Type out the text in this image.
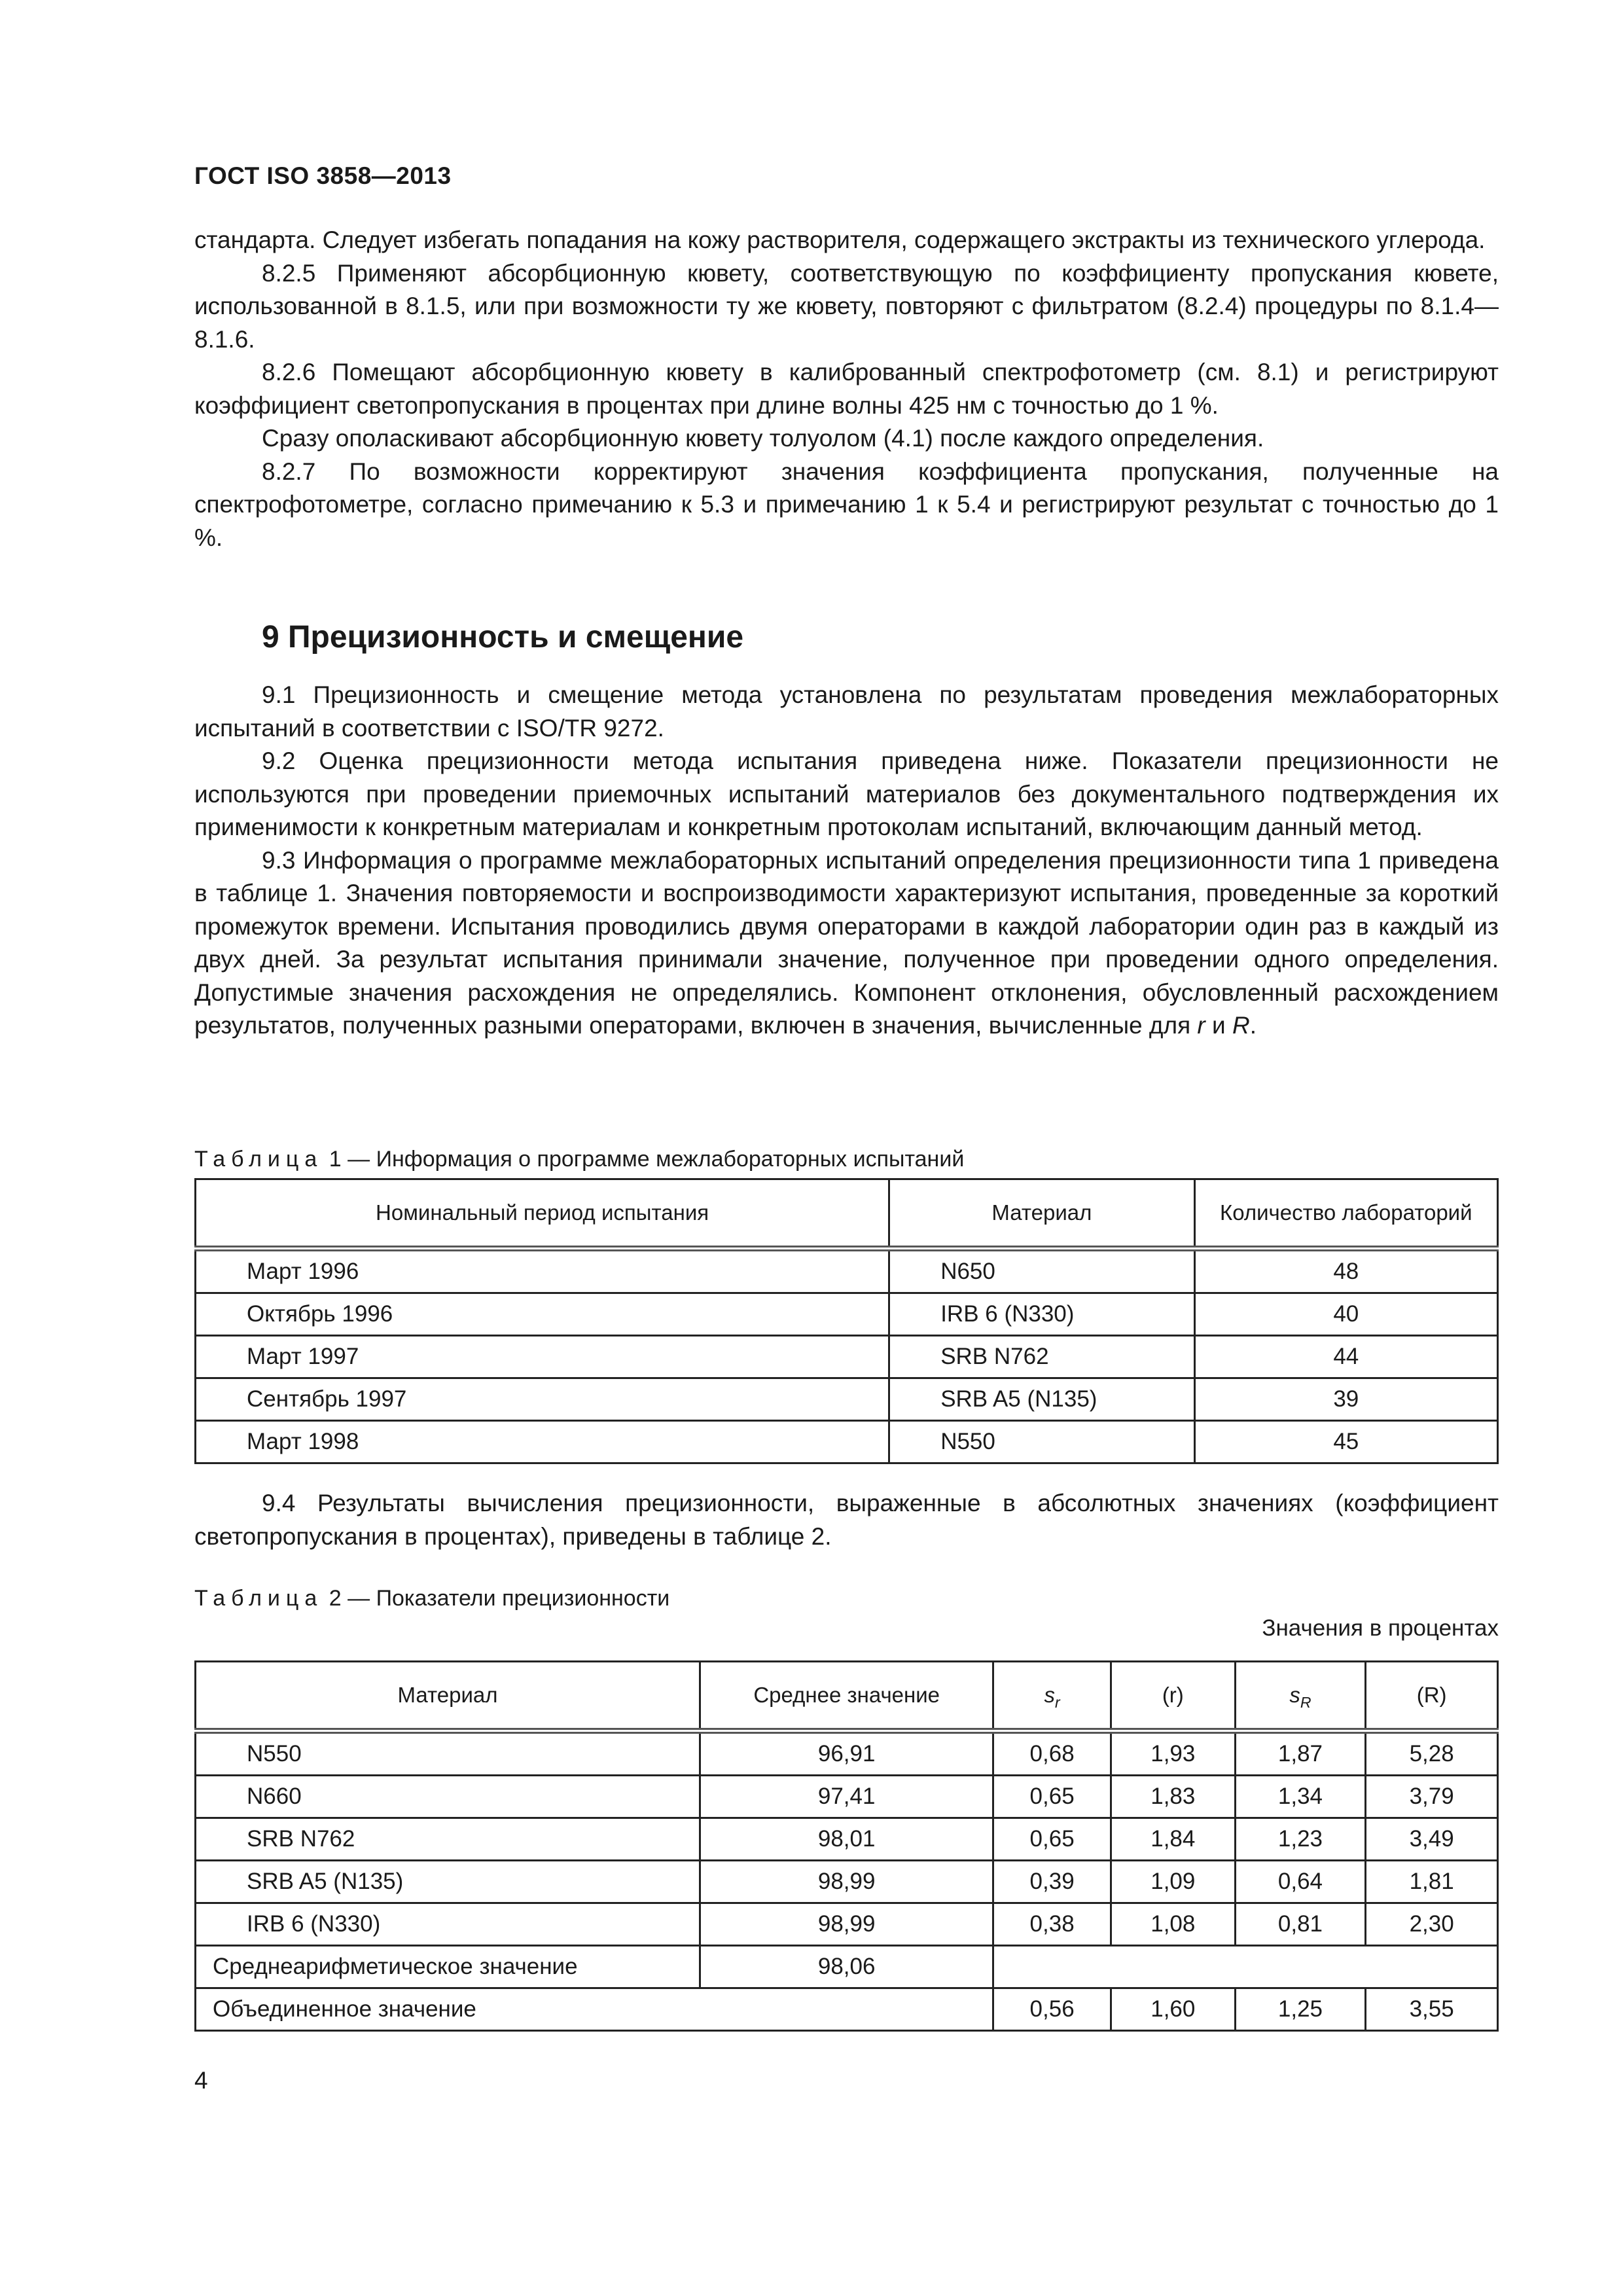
ГОСТ ISO 3858—2013

стандарта. Следует избегать попадания на кожу растворителя, содержащего экстракты из технического углерода.

8.2.5 Применяют абсорбционную кювету, соответствующую по коэффициенту пропускания кювете, использованной в 8.1.5, или при возможности ту же кювету, повторяют с фильтратом (8.2.4) процедуры по 8.1.4—8.1.6.

8.2.6 Помещают абсорбционную кювету в калиброванный спектрофотометр (см. 8.1) и регистрируют коэффициент светопропускания в процентах при длине волны 425 нм с точностью до 1 %.

Сразу ополаскивают абсорбционную кювету толуолом (4.1) после каждого определения.

8.2.7 По возможности корректируют значения коэффициента пропускания, полученные на спектрофотометре, согласно примечанию к 5.3 и примечанию 1 к 5.4 и регистрируют результат с точностью до 1 %.

9 Прецизионность и смещение

9.1 Прецизионность и смещение метода установлена по результатам проведения межлабораторных испытаний в соответствии с ISO/TR 9272.

9.2 Оценка прецизионности метода испытания приведена ниже. Показатели прецизионности не используются при проведении приемочных испытаний материалов без документального подтверждения их применимости к конкретным материалам и конкретным протоколам испытаний, включающим данный метод.

9.3 Информация о программе межлабораторных испытаний определения прецизионности типа 1 приведена в таблице 1. Значения повторяемости и воспроизводимости характеризуют испытания, проведенные за короткий промежуток времени. Испытания проводились двумя операторами в каждой лаборатории один раз в каждый из двух дней. За результат испытания принимали значение, полученное при проведении одного определения. Допустимые значения расхождения не определялись. Компонент отклонения, обусловленный расхождением результатов, полученных разными операторами, включен в значения, вычисленные для r и R.

Таблица 1 — Информация о программе межлабораторных испытаний
Номинальный период испытания	Материал	Количество лабораторий
Март 1996	N650	48
Октябрь 1996	IRB 6 (N330)	40
Март 1997	SRB N762	44
Сентябрь 1997	SRB A5 (N135)	39
Март 1998	N550	45

9.4 Результаты вычисления прецизионности, выраженные в абсолютных значениях (коэффициент светопропускания в процентах), приведены в таблице 2.

Таблица 2 — Показатели прецизионности
Значения в процентах
Материал	Среднее значение	$s_r$	(r)	$s_R$	(R)
N550	96,91	0,68	1,93	1,87	5,28
N660	97,41	0,65	1,83	1,34	3,79
SRB N762	98,01	0,65	1,84	1,23	3,49
SRB A5 (N135)	98,99	0,39	1,09	0,64	1,81
IRB 6 (N330)	98,99	0,38	1,08	0,81	2,30
Среднеарифметическое значение	98,06				
Объединенное значение		0,56	1,60	1,25	3,55
4
